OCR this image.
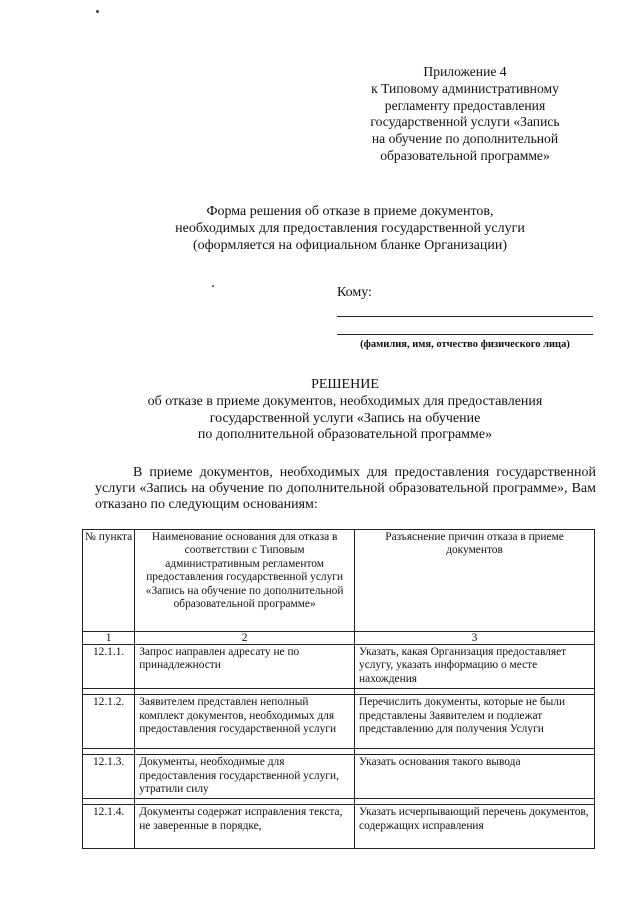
Приложение 4
к Типовому административному
регламенту предоставления
государственной услуги «Запись
на обучение по дополнительной
образовательной программе»
Форма решения об отказе в приеме документов,
необходимых для предоставления государственной услуги
(оформляется на официальном бланке Организации)
Кому:
(фамилия, имя, отчество физического лица)
РЕШЕНИЕ
об отказе в приеме документов, необходимых для предоставления
государственной услуги «Запись на обучение
по дополнительной образовательной программе»
В приеме документов, необходимых для предоставления государственной услуги «Запись на обучение по дополнительной образовательной программе», Вам отказано по следующим основаниям:
№ пункта	Наименование основания для отказа в соответствии с Типовым административным регламентом предоставления государственной услуги «Запись на обучение по дополнительной образовательной программе»	Разъяснение причин отказа в приеме документов
1	2	3
12.1.1.	Запрос направлен адресату не по принадлежности	Указать, какая Организация предоставляет услугу, указать информацию о месте нахождения

12.1.2.	Заявителем представлен неполный комплект документов, необходимых для предоставления государственной услуги	Перечислить документы, которые не были представлены Заявителем и подлежат представлению для получения Услуги

12.1.3.	Документы, необходимые для предоставления государственной услуги, утратили силу	Указать основания такого вывода

12.1.4.	Документы содержат исправления текста, не заверенные в порядке,	Указать исчерпывающий перечень документов, содержащих исправления
